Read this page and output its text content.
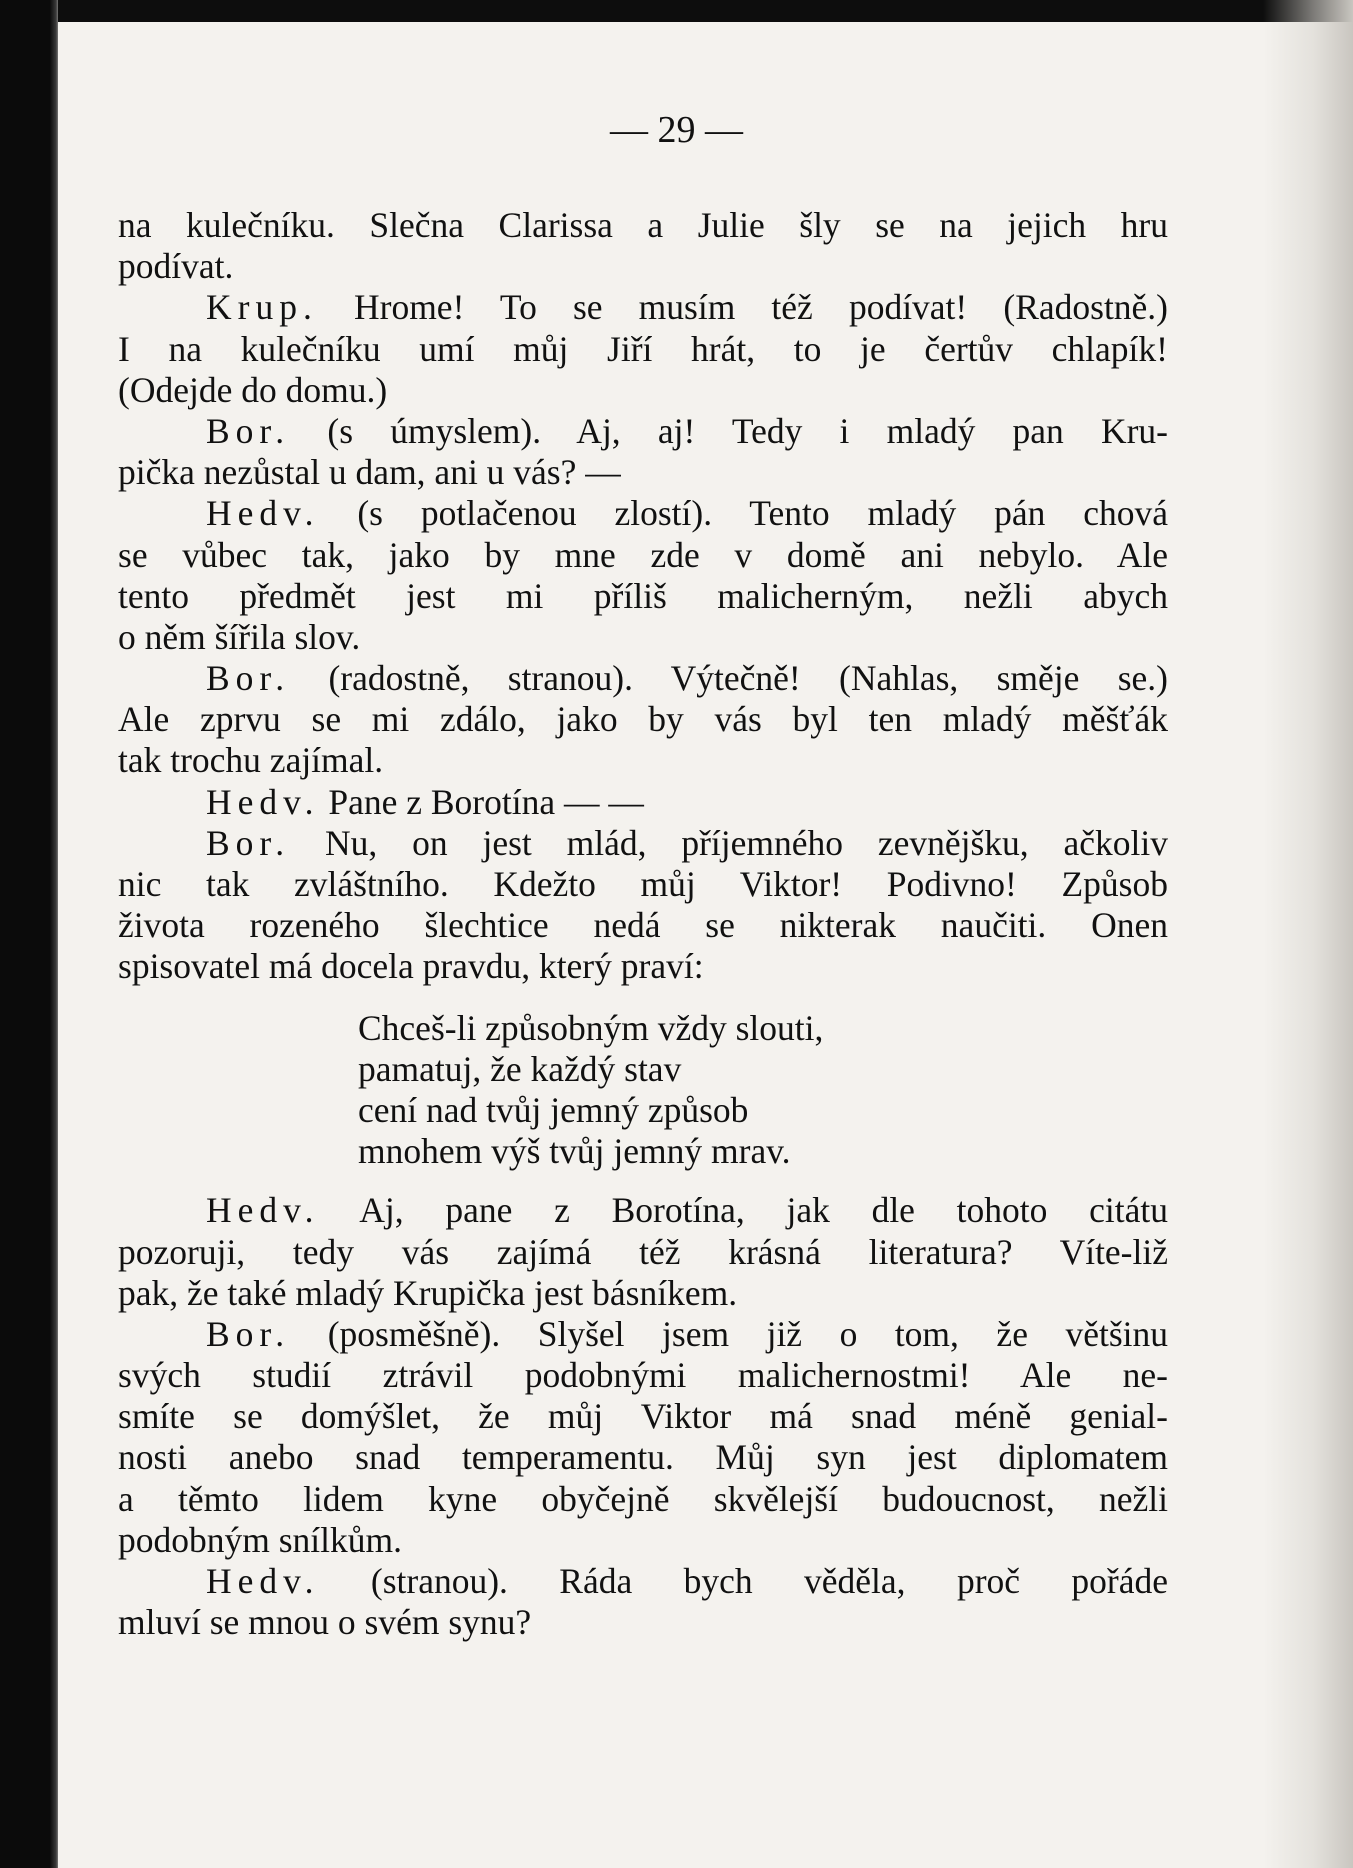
— 29 —
na kulečníku. Slečna Clarissa a Julie šly se na jejich hru
podívat.
Krup. Hrome! To se musím též podívat! (Radostně.)
I na kulečníku umí můj Jiří hrát, to je čertův chlapík!
(Odejde do domu.)
Bor. (s úmyslem). Aj, aj! Tedy i mladý pan Kru-
pička nezůstal u dam, ani u vás? —
Hedv. (s potlačenou zlostí). Tento mladý pán chová
se vůbec tak, jako by mne zde v domě ani nebylo. Ale
tento předmět jest mi příliš malicherným, nežli abych
o něm šířila slov.
Bor. (radostně, stranou). Výtečně! (Nahlas, směje se.)
Ale zprvu se mi zdálo, jako by vás byl ten mladý měšťák
tak trochu zajímal.
Hedv. Pane z Borotína — —
Bor. Nu, on jest mlád, příjemného zevnějšku, ačkoliv
nic tak zvláštního. Kdežto můj Viktor! Podivno! Způsob
života rozeného šlechtice nedá se nikterak naučiti. Onen
spisovatel má docela pravdu, který praví:
Chceš-li způsobným vždy slouti,
pamatuj, že každý stav
cení nad tvůj jemný způsob
mnohem výš tvůj jemný mrav.
Hedv. Aj, pane z Borotína, jak dle tohoto citátu
pozoruji, tedy vás zajímá též krásná literatura? Víte-liž
pak, že také mladý Krupička jest básníkem.
Bor. (posměšně). Slyšel jsem již o tom, že většinu
svých studií ztrávil podobnými malichernostmi! Ale ne-
smíte se domýšlet, že můj Viktor má snad méně genial-
nosti anebo snad temperamentu. Můj syn jest diplomatem
a těmto lidem kyne obyčejně skvělejší budoucnost, nežli
podobným snílkům.
Hedv. (stranou). Ráda bych věděla, proč pořáde
mluví se mnou o svém synu?
